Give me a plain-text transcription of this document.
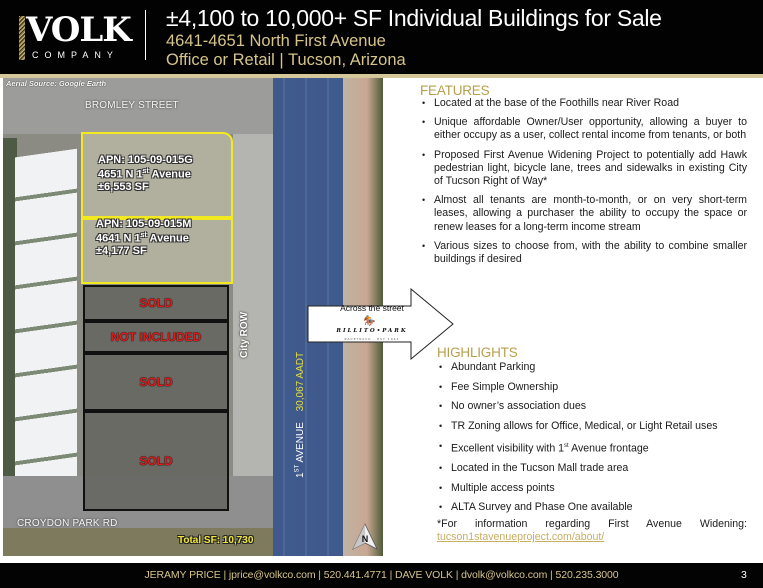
VOLK
COMPANY
±4,100 to 10,000+ SF Individual Buildings for Sale
4641-4651 North First Avenue
Office or Retail | Tucson, Arizona
APN: 105-09-015G
4651 N 1st Avenue
±6,553 SF
APN: 105-09-015M
4641 N 1st Avenue
±4,177 SF
SOLD
NOT INCLUDED
SOLD
SOLD
Aerial Source: Google Earth
BROMLEY STREET
CROYDON PARK RD
City ROW
1ST AVENUE 30,067 AADT
Total SF: 10,730	N
Across the street
🏇
RILLITO•PARK
RACETRACK · EST 1943
FEATURES
• Located at the base of the Foothills near River Road
• Unique affordable Owner/User opportunity, allowing a buyer to either occupy as a user, collect rental income from tenants, or both
• Proposed First Avenue Widening Project to potentially add Hawk pedestrian light, bicycle lane, trees and sidewalks in existing City of Tucson Right of Way*
• Almost all tenants are month-to-month, or on very short-term leases, allowing a purchaser the ability to occupy the space or renew leases for a long-term income stream
• Various sizes to choose from, with the ability to combine smaller buildings if desired
HIGHLIGHTS
• Abundant Parking
• Fee Simple Ownership
• No owner’s association dues
• TR Zoning allows for Office, Medical, or Light Retail uses
• Excellent visibility with 1st Avenue frontage
• Located in the Tucson Mall trade area
• Multiple access points
• ALTA Survey and Phase One available
*For information regarding First Avenue Widening:
tucson1stavenueproject.com/about/
JERAMY PRICE | jprice@volkco.com | 520.441.4771 | DAVE VOLK | dvolk@volkco.com | 520.235.3000	3
